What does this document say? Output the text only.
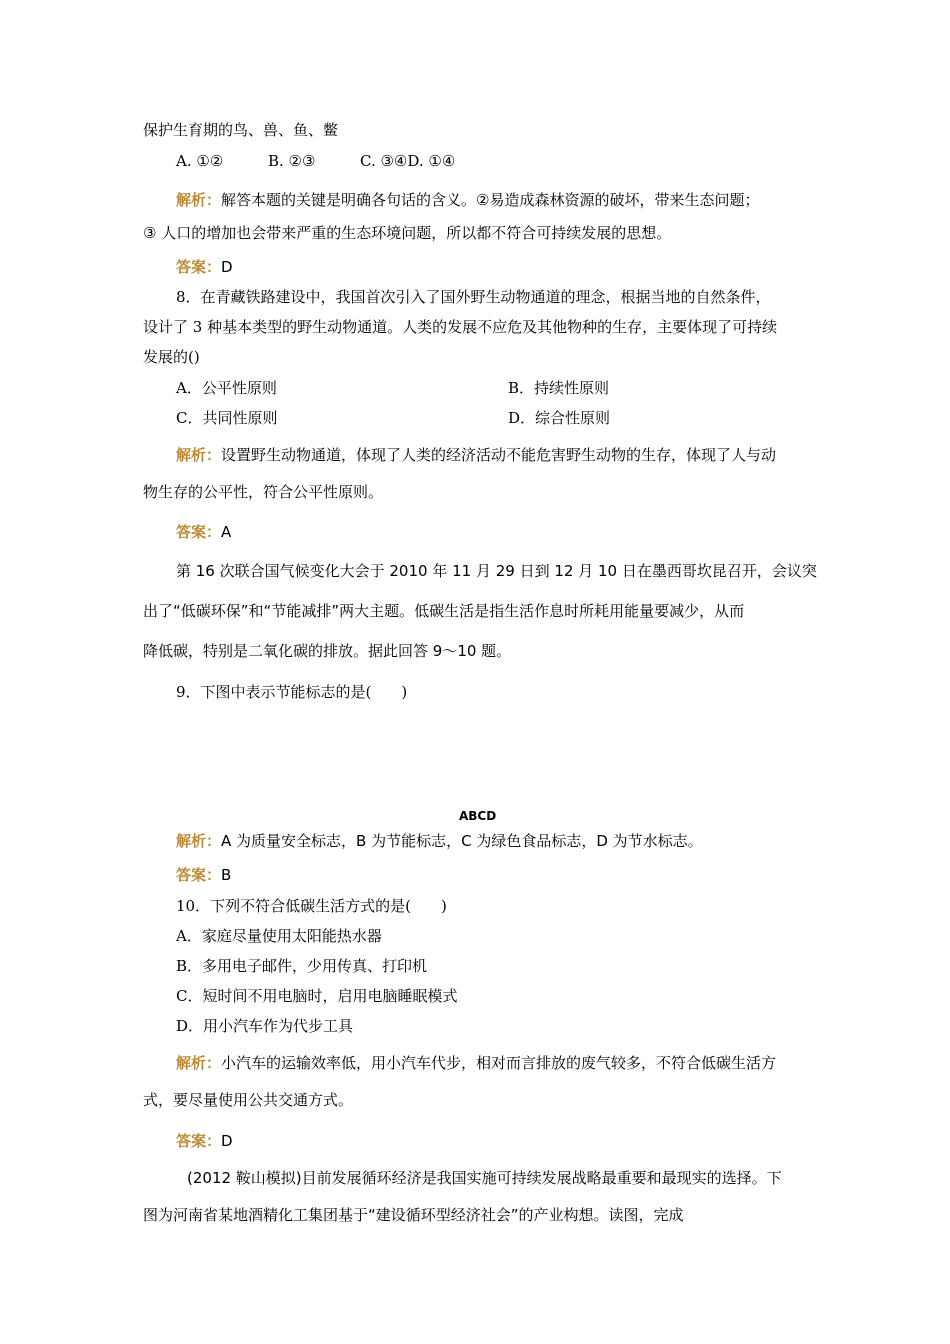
保护生育期的鸟、兽、鱼、鳖
A. ①②	B. ②③	C. ③④D. ①④
解析：解答本题的关键是明确各句话的含义。②易造成森林资源的破坏，带来生态问题；
③ 人口的增加也会带来严重的生态环境问题，所以都不符合可持续发展的思想。
答案：D
8．在青藏铁路建设中，我国首次引入了国外野生动物通道的理念，根据当地的自然条件，
设计了 3 种基本类型的野生动物通道。人类的发展不应危及其他物种的生存，主要体现了可持续
发展的()
A．公平性原则	B．持续性原则
C．共同性原则	D．综合性原则
解析：设置野生动物通道，体现了人类的经济活动不能危害野生动物的生存，体现了人与动
物生存的公平性，符合公平性原则。
答案：A
第 16 次联合国气候变化大会于 2010 年 11 月 29 日到 12 月 10 日在墨西哥坎昆召开，会议突
出了“低碳环保”和“节能减排”两大主题。低碳生活是指生活作息时所耗用能量要减少，从而
降低碳，特别是二氧化碳的排放。据此回答 9～10 题。
9．下图中表示节能标志的是(　　)
ABCD
解析：A 为质量安全标志，B 为节能标志，C 为绿色食品标志，D 为节水标志。
答案：B
10．下列不符合低碳生活方式的是(　　)
A．家庭尽量使用太阳能热水器
B．多用电子邮件，少用传真、打印机
C．短时间不用电脑时，启用电脑睡眠模式
D．用小汽车作为代步工具
解析：小汽车的运输效率低，用小汽车代步，相对而言排放的废气较多，不符合低碳生活方
式，要尽量使用公共交通方式。
答案：D
(2012 鞍山模拟)目前发展循环经济是我国实施可持续发展战略最重要和最现实的选择。下
图为河南省某地酒精化工集团基于“建设循环型经济社会”的产业构想。读图，完成
